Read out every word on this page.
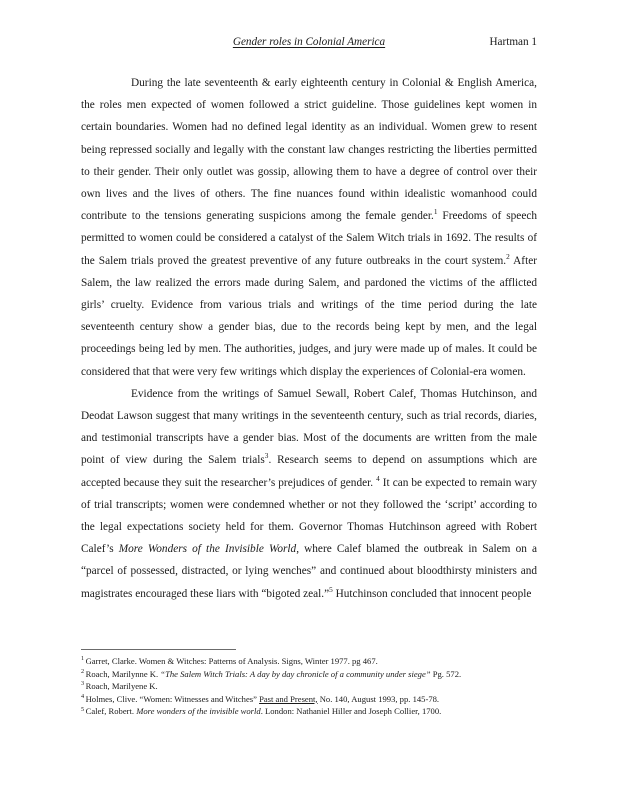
Gender roles in Colonial America	Hartman 1

During the late seventeenth & early eighteenth century in Colonial & English America, the roles men expected of women followed a strict guideline. Those guidelines kept women in certain boundaries. Women had no defined legal identity as an individual. Women grew to resent being repressed socially and legally with the constant law changes restricting the liberties permitted to their gender. Their only outlet was gossip, allowing them to have a degree of control over their own lives and the lives of others. The fine nuances found within idealistic womanhood could contribute to the tensions generating suspicions among the female gender.$^1$ Freedoms of speech permitted to women could be considered a catalyst of the Salem Witch trials in 1692. The results of the Salem trials proved the greatest preventive of any future outbreaks in the court system.$^2$ After Salem, the law realized the errors made during Salem, and pardoned the victims of the afflicted girls’ cruelty. Evidence from various trials and writings of the time period during the late seventeenth century show a gender bias, due to the records being kept by men, and the legal proceedings being led by men. The authorities, judges, and jury were made up of males. It could be considered that that were very few writings which display the experiences of Colonial-era women.

Evidence from the writings of Samuel Sewall, Robert Calef, Thomas Hutchinson, and Deodat Lawson suggest that many writings in the seventeenth century, such as trial records, diaries, and testimonial transcripts have a gender bias. Most of the documents are written from the male point of view during the Salem trials$^3$. Research seems to depend on assumptions which are accepted because they suit the researcher’s prejudices of gender. $^4$ It can be expected to remain wary of trial transcripts; women were condemned whether or not they followed the ‘script’ according to the legal expectations society held for them. Governor Thomas Hutchinson agreed with Robert Calef’s More Wonders of the Invisible World, where Calef blamed the outbreak in Salem on a “parcel of possessed, distracted, or lying wenches” and continued about bloodthirsty ministers and magistrates encouraged these liars with “bigoted zeal.”$^5$ Hutchinson concluded that innocent people

$^1$ Garret, Clarke. Women & Witches: Patterns of Analysis. Signs, Winter 1977. pg 467.

$^2$ Roach, Marilynne K. “The Salem Witch Trials: A day by day chronicle of a community under siege” Pg. 572.

$^3$ Roach, Marilyene K.

$^4$ Holmes, Clive. “Women: Witnesses and Witches” Past and Present, No. 140, August 1993, pp. 145-78.

$^5$ Calef, Robert. More wonders of the invisible world. London: Nathaniel Hiller and Joseph Collier, 1700.
